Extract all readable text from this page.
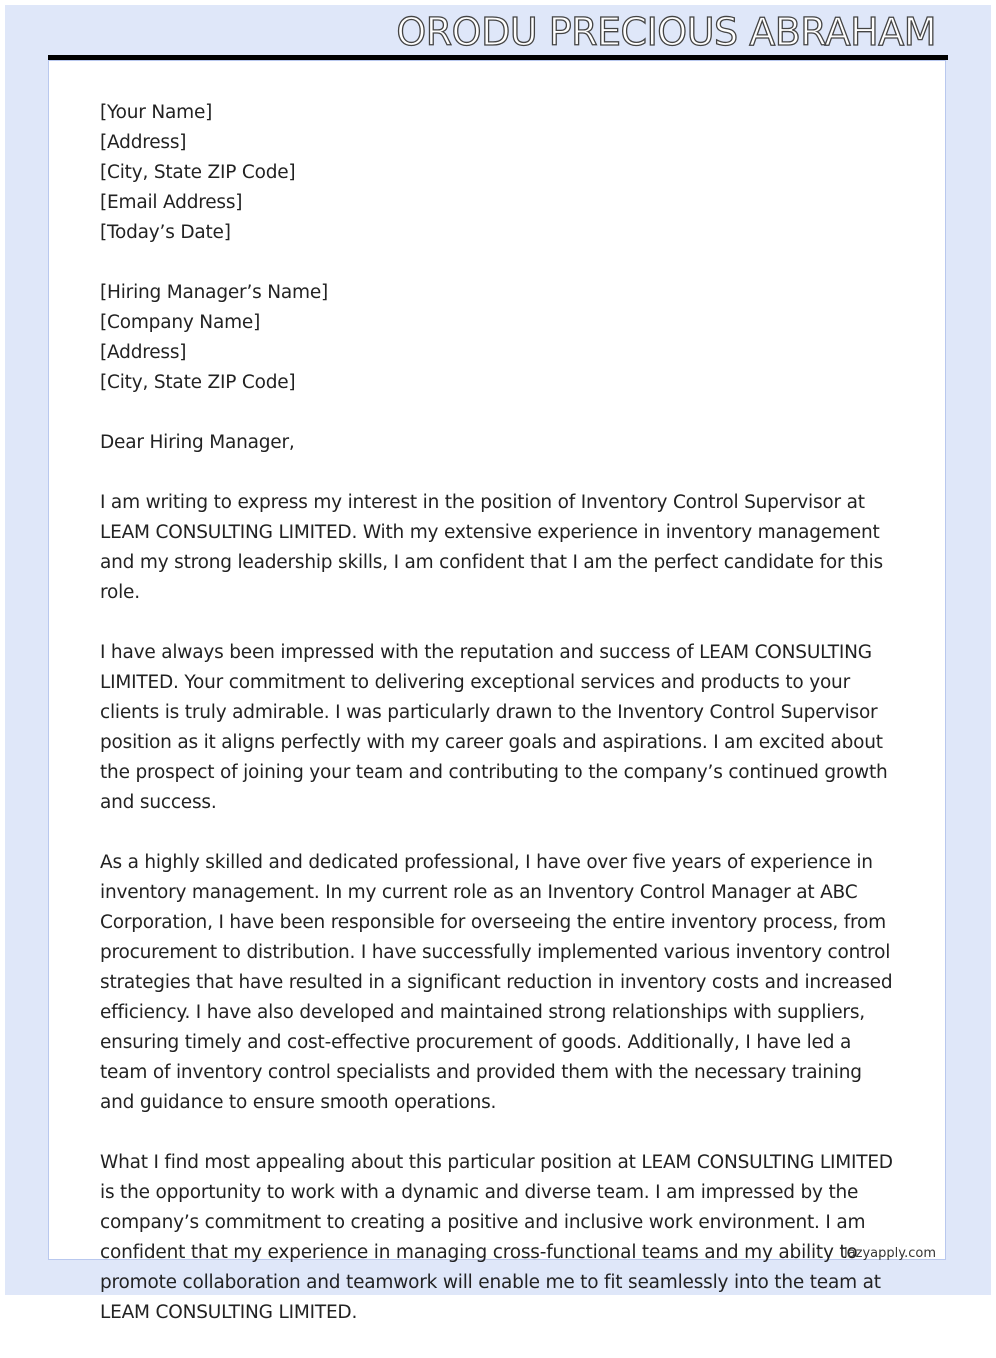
ORODU PRECIOUS ABRAHAM
[Your Name]
[Address]
[City, State ZIP Code]
[Email Address]
[Today’s Date]
[Hiring Manager’s Name]
[Company Name]
[Address]
[City, State ZIP Code]
Dear Hiring Manager,

I am writing to express my interest in the position of Inventory Control Supervisor at LEAM CONSULTING LIMITED. With my extensive experience in inventory management and my strong leadership skills, I am confident that I am the perfect candidate for this role.

I have always been impressed with the reputation and success of LEAM CONSULTING LIMITED. Your commitment to delivering exceptional services and products to your clients is truly admirable. I was particularly drawn to the Inventory Control Supervisor position as it aligns perfectly with my career goals and aspirations. I am excited about the prospect of joining your team and contributing to the company’s continued growth and success.

As a highly skilled and dedicated professional, I have over five years of experience in inventory management. In my current role as an Inventory Control Manager at ABC Corporation, I have been responsible for overseeing the entire inventory process, from procurement to distribution. I have successfully implemented various inventory control strategies that have resulted in a significant reduction in inventory costs and increased efficiency. I have also developed and maintained strong relationships with suppliers, ensuring timely and cost-effective procurement of goods. Additionally, I have led a team of inventory control specialists and provided them with the necessary training and guidance to ensure smooth operations.

What I find most appealing about this particular position at LEAM CONSULTING LIMITED is the opportunity to work with a dynamic and diverse team. I am impressed by the company’s commitment to creating a positive and inclusive work environment. I am confident that my experience in managing cross-functional teams and my ability to promote collaboration and teamwork will enable me to fit seamlessly into the team at LEAM CONSULTING LIMITED.

lazyapply.com
